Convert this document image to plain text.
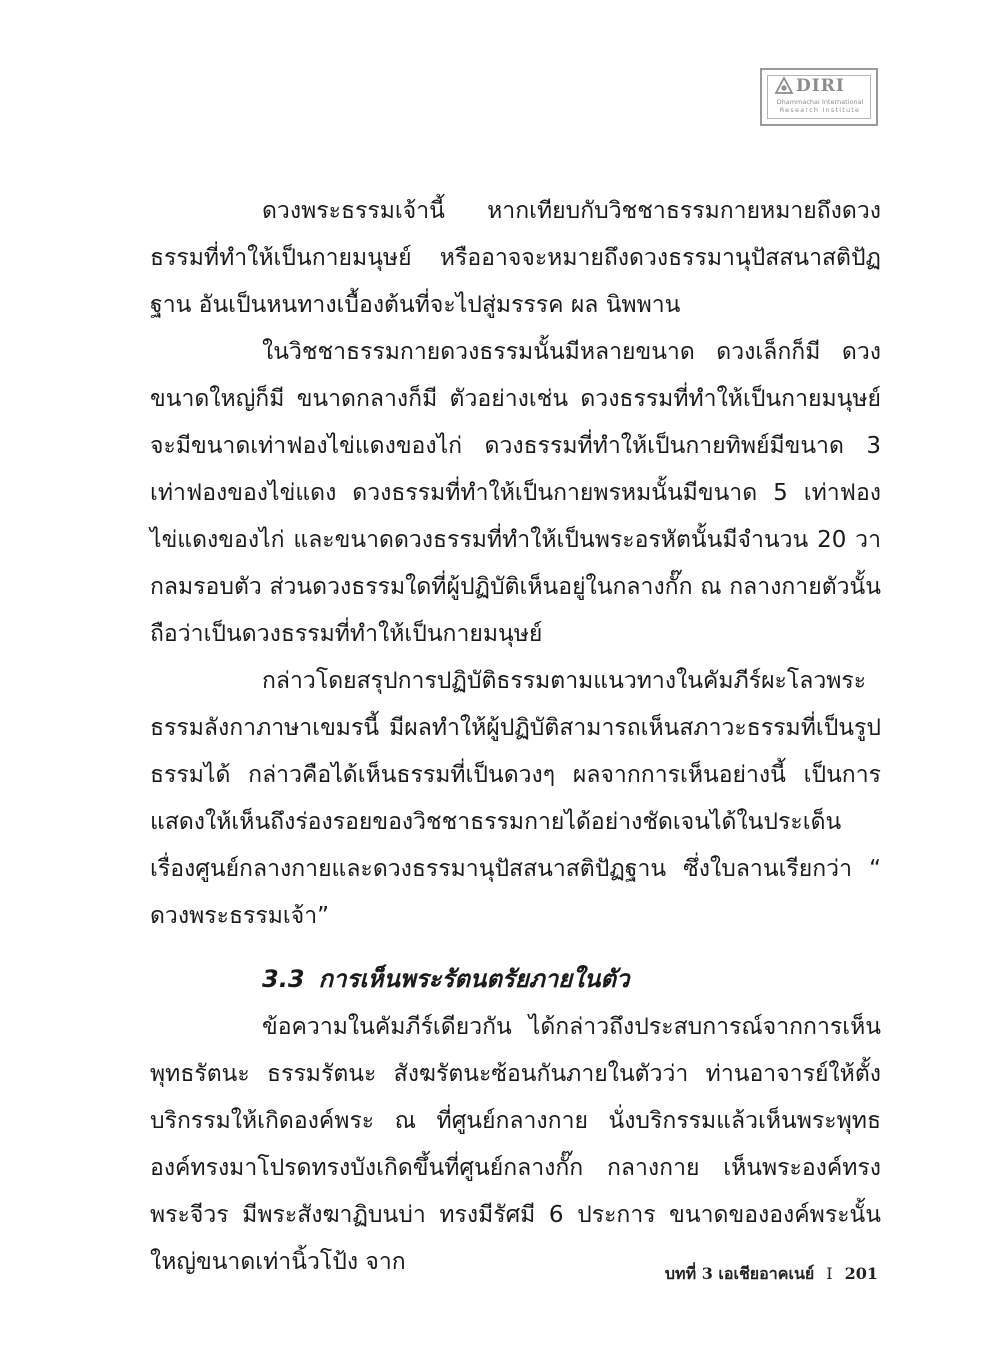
DIRI
Dhammachai International
Research Institute

ดวงพระธรรมเจ้านี้ หากเทียบกับวิชชาธรรมกายหมายถึงดวงธรรมที่ทำให้เป็นกายมนุษย์ หรืออาจจะหมายถึงดวงธรรมานุปัสสนาสติปัฏฐาน อันเป็นหนทางเบื้องต้นที่จะไปสู่มรรรค ผล นิพพาน

ในวิชชาธรรมกายดวงธรรมนั้นมีหลายขนาด ดวงเล็กก็มี ดวงขนาดใหญ่ก็มี ขนาดกลางก็มี ตัวอย่างเช่น ดวงธรรมที่ทำให้เป็นกายมนุษย์จะมีขนาดเท่าฟองไข่แดงของไก่ ดวงธรรมที่ทำให้เป็นกายทิพย์มีขนาด 3 เท่าฟองของไข่แดง ดวงธรรมที่ทำให้เป็นกายพรหมนั้นมีขนาด 5 เท่าฟองไข่แดงของไก่ และขนาดดวงธรรมที่ทำให้เป็นพระอรหัตนั้นมีจำนวน 20 วา กลมรอบตัว ส่วนดวงธรรมใดที่ผู้ปฏิบัติเห็นอยู่ในกลางกั๊ก ณ กลางกายตัวนั้น ถือว่าเป็นดวงธรรมที่ทำให้เป็นกายมนุษย์

กล่าวโดยสรุปการปฏิบัติธรรมตามแนวทางในคัมภีร์ผะโลวพระธรรมลังกาภาษาเขมรนี้ มีผลทำให้ผู้ปฏิบัติสามารถเห็นสภาวะธรรมที่เป็นรูปธรรมได้ กล่าวคือได้เห็นธรรมที่เป็นดวงๆ ผลจากการเห็นอย่างนี้ เป็นการแสดงให้เห็นถึงร่องรอยของวิชชาธรรมกายได้อย่างชัดเจนได้ในประเด็นเรื่องศูนย์กลางกายและดวงธรรมานุปัสสนาสติปัฏฐาน ซึ่งใบลานเรียกว่า “ ดวงพระธรรมเจ้า”

3.3 การเห็นพระรัตนตรัยภายในตัว

ข้อความในคัมภีร์เดียวกัน ได้กล่าวถึงประสบการณ์จากการเห็นพุทธรัตนะ ธรรมรัตนะ สังฆรัตนะซ้อนกันภายในตัวว่า ท่านอาจารย์ให้ตั้งบริกรรมให้เกิดองค์พระ ณ ที่ศูนย์กลางกาย นั่งบริกรรมแล้วเห็นพระพุทธองค์ทรงมาโปรดทรงบังเกิดขึ้นที่ศูนย์กลางกั๊ก กลางกาย เห็นพระองค์ทรงพระจีวร มีพระสังฆาฏิบนบ่า ทรงมีรัศมี 6 ประการ ขนาดขององค์พระนั้นใหญ่ขนาดเท่านิ้วโป้ง จาก	บทที่ 3 เอเชียอาคเนย์ I 201
